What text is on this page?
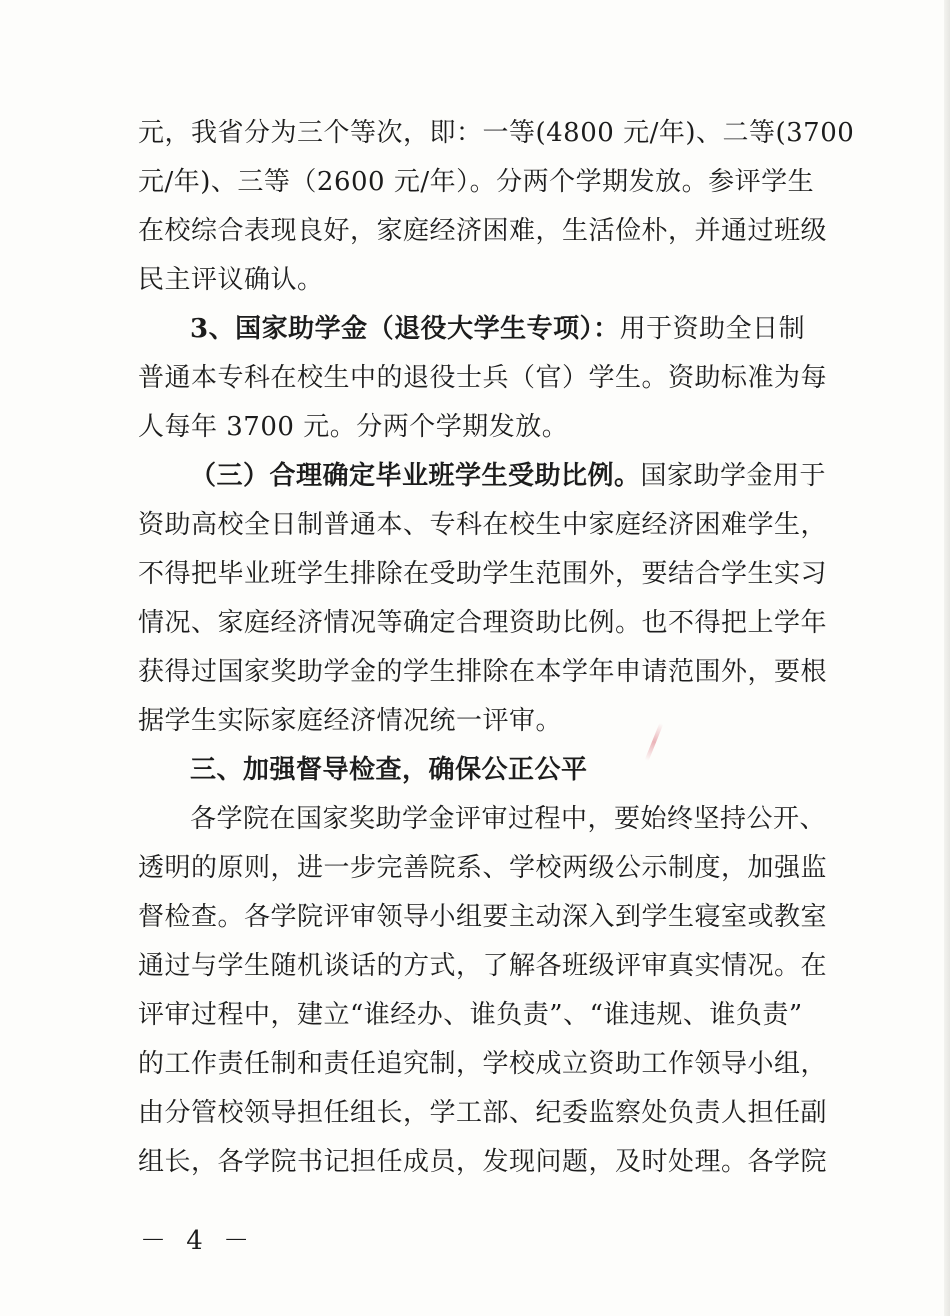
元，我省分为三个等次，即：一等(4800 元/年)、二等(3700
元/年)、三等（2600 元/年）。分两个学期发放。参评学生
在校综合表现良好，家庭经济困难，生活俭朴，并通过班级
民主评议确认。
3、国家助学金（退役大学生专项）：用于资助全日制
普通本专科在校生中的退役士兵（官）学生。资助标准为每
人每年 3700 元。分两个学期发放。
（三）合理确定毕业班学生受助比例。国家助学金用于
资助高校全日制普通本、专科在校生中家庭经济困难学生，
不得把毕业班学生排除在受助学生范围外，要结合学生实习
情况、家庭经济情况等确定合理资助比例。也不得把上学年
获得过国家奖助学金的学生排除在本学年申请范围外，要根
据学生实际家庭经济情况统一评审。
三、加强督导检查，确保公正公平
各学院在国家奖助学金评审过程中，要始终坚持公开、
透明的原则，进一步完善院系、学校两级公示制度，加强监
督检查。各学院评审领导小组要主动深入到学生寝室或教室
通过与学生随机谈话的方式，了解各班级评审真实情况。在
评审过程中，建立“谁经办、谁负责”、“谁违规、谁负责”
的工作责任制和责任追究制，学校成立资助工作领导小组，
由分管校领导担任组长，学工部、纪委监察处负责人担任副
组长，各学院书记担任成员，发现问题，及时处理。各学院
－ 4 －
